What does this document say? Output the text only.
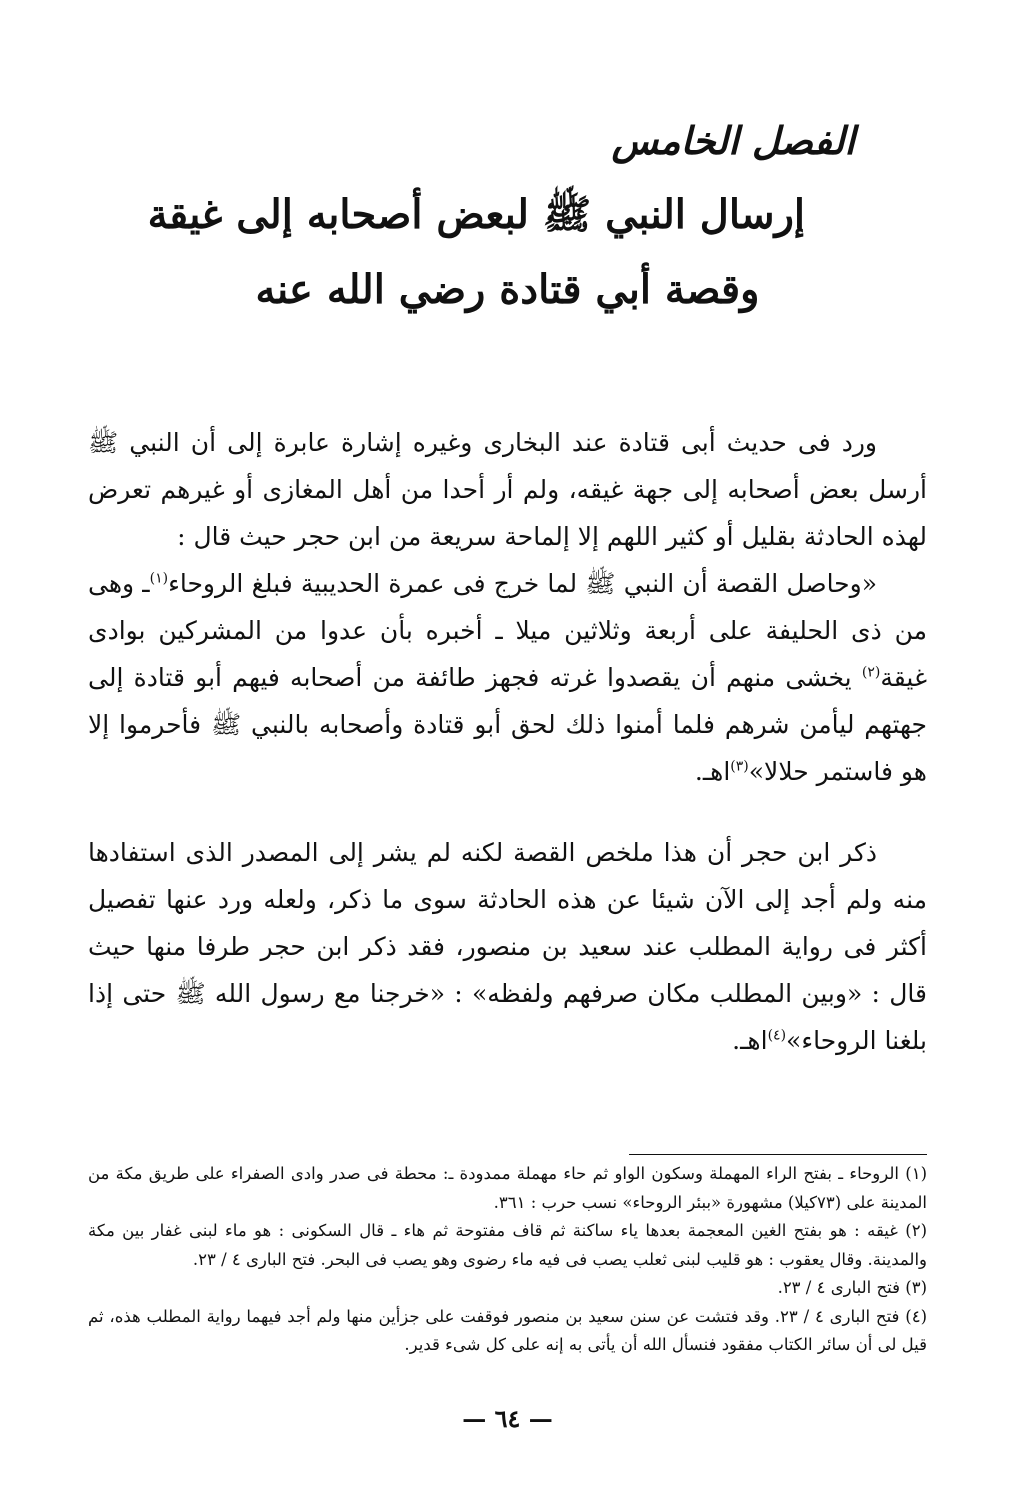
الفصل الخامس
إرسال النبي ﷺ لبعض أصحابه إلى غيقة
وقصة أبي قتادة رضي الله عنه

ورد فى حديث أبى قتادة عند البخارى وغيره إشارة عابرة إلى أن النبي ﷺ أرسل بعض أصحابه إلى جهة غيقه، ولم أر أحدا من أهل المغازى أو غيرهم تعرض لهذه الحادثة بقليل أو كثير اللهم إلا إلماحة سريعة من ابن حجر حيث قال :

«وحاصل القصة أن النبي ﷺ لما خرج فى عمرة الحديبية فبلغ الروحاء$^{(١)}$ـ وهى من ذى الحليفة على أربعة وثلاثين ميلا ـ أخبره بأن عدوا من المشركين بوادى غيقة$^{(٢)}$ يخشى منهم أن يقصدوا غرته فجهز طائفة من أصحابه فيهم أبو قتادة إلى جهتهم ليأمن شرهم فلما أمنوا ذلك لحق أبو قتادة وأصحابه بالنبي ﷺ فأحرموا إلا هو فاستمر حلالا»$^{(٣)}$اهـ.

ذكر ابن حجر أن هذا ملخص القصة لكنه لم يشر إلى المصدر الذى استفادها منه ولم أجد إلى الآن شيئا عن هذه الحادثة سوى ما ذكر، ولعله ورد عنها تفصيل أكثر فى رواية المطلب عند سعيد بن منصور، فقد ذكر ابن حجر طرفا منها حيث قال : «وبين المطلب مكان صرفهم ولفظه» : «خرجنا مع رسول الله ﷺ حتى إذا بلغنا الروحاء»$^{(٤)}$اهـ.

(١) الروحاء ـ بفتح الراء المهملة وسكون الواو ثم حاء مهملة ممدودة ـ: محطة فى صدر وادى الصفراء على طريق مكة من المدينة على (٧٣كيلا) مشهورة «ببئر الروحاء» نسب حرب : ٣٦١.

(٢) غيقه : هو بفتح الغين المعجمة بعدها ياء ساكنة ثم قاف مفتوحة ثم هاء ـ قال السكونى : هو ماء لبنى غفار بين مكة والمدينة. وقال يعقوب : هو قليب لبنى ثعلب يصب فى فيه ماء رضوى وهو يصب فى البحر. فتح البارى ٤ / ٢٣.

(٣) فتح البارى ٤ / ٢٣.

(٤) فتح البارى ٤ / ٢٣. وقد فتشت عن سنن سعيد بن منصور فوقفت على جزأين منها ولم أجد فيهما رواية المطلب هذه، ثم قيل لى أن سائر الكتاب مفقود فنسأل الله أن يأتى به إنه على كل شىء قدير.

— ٦٤ —
